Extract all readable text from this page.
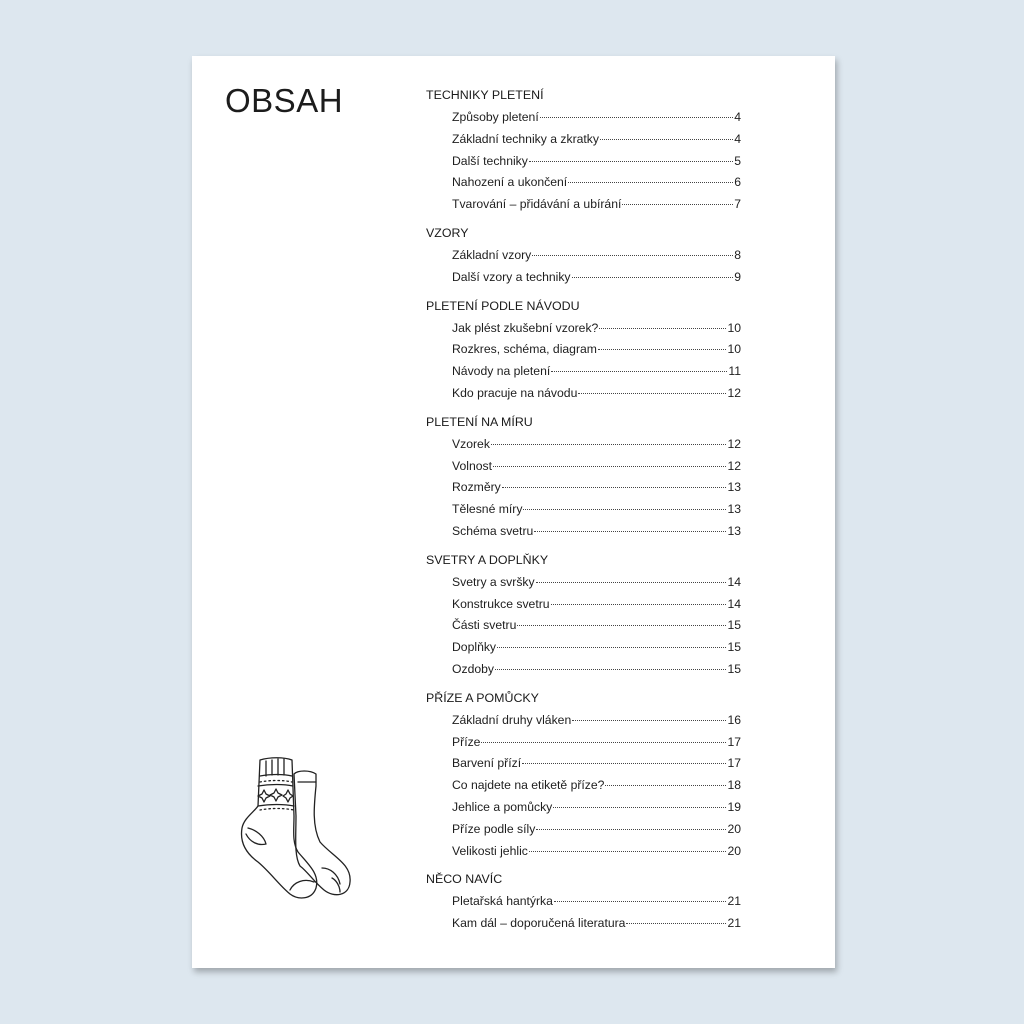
OBSAH	TECHNIKY PLETENÍ
Způsoby pletení	4
Základní techniky a zkratky	4
Další techniky	5
Nahození a ukončení	6
Tvarování – přidávání a ubírání	7
VZORY
Základní vzory	8
Další vzory a techniky	9
PLETENÍ PODLE NÁVODU
Jak plést zkušební vzorek?	10
Rozkres, schéma, diagram	10
Návody na pletení	11
Kdo pracuje na návodu	12
PLETENÍ NA MÍRU
Vzorek	12
Volnost	12
Rozměry	13
Tělesné míry	13
Schéma svetru	13
SVETRY A DOPLŇKY
Svetry a svršky	14
Konstrukce svetru	14
Části svetru	15
Doplňky	15
Ozdoby	15
PŘÍZE A POMŮCKY
Základní druhy vláken	16
Příze	17
Barvení přízí	17
Co najdete na etiketě příze?	18
Jehlice a pomůcky	19
Příze podle síly	20
Velikosti jehlic	20
NĚCO NAVÍC
Pletařská hantýrka	21
Kam dál – doporučená literatura	21
